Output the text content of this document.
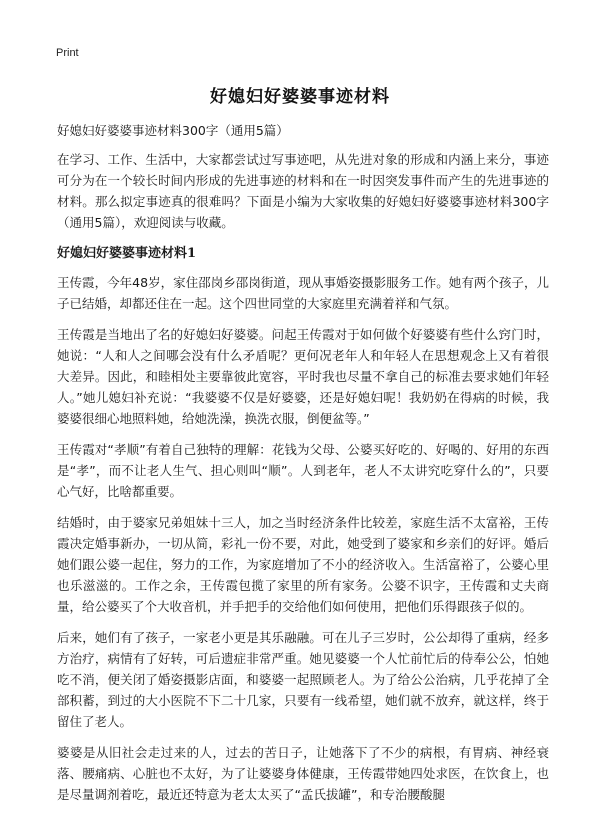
Print
好媳妇好婆婆事迹材料

好媳妇好婆婆事迹材料300字（通用5篇）

在学习、工作、生活中，大家都尝试过写事迹吧，从先进对象的形成和内涵上来分，事迹可分为在一个较长时间内形成的先进事迹的材料和在一时因突发事件而产生的先进事迹的材料。那么拟定事迹真的很难吗？下面是小编为大家收集的好媳妇好婆婆事迹材料300字（通用5篇），欢迎阅读与收藏。

好媳妇好婆婆事迹材料1

王传霞，今年48岁，家住邵岗乡邵岗街道，现从事婚姿摄影服务工作。她有两个孩子，儿子已结婚，却都还住在一起。这个四世同堂的大家庭里充满着祥和气氛。

王传霞是当地出了名的好媳妇好婆婆。问起王传霞对于如何做个好婆婆有些什么窍门时，她说：“人和人之间哪会没有什么矛盾呢？更何况老年人和年轻人在思想观念上又有着很大差异。因此，和睦相处主要靠彼此宽容，平时我也尽量不拿自己的标准去要求她们年轻人。”她儿媳妇补充说：“我婆婆不仅是好婆婆，还是好媳妇呢！我奶奶在得病的时候，我婆婆很细心地照料她，给她洗澡，换洗衣服，倒便盆等。”

王传霞对“孝顺”有着自己独特的理解：花钱为父母、公婆买好吃的、好喝的、好用的东西是“孝”，而不让老人生气、担心则叫“顺”。人到老年，老人不太讲究吃穿什么的”，只要心气好，比啥都重要。

结婚时，由于婆家兄弟姐妹十三人，加之当时经济条件比较差，家庭生活不太富裕，王传霞决定婚事新办，一切从简，彩礼一份不要，对此，她受到了婆家和乡亲们的好评。婚后她们跟公婆一起住，努力的工作，为家庭增加了不小的经济收入。生活富裕了，公婆心里也乐滋滋的。工作之余，王传霞包揽了家里的所有家务。公婆不识字，王传霞和丈夫商量，给公婆买了个大收音机，并手把手的交给他们如何使用，把他们乐得跟孩子似的。

后来，她们有了孩子，一家老小更是其乐融融。可在儿子三岁时，公公却得了重病，经多方治疗，病情有了好转，可后遗症非常严重。她见婆婆一个人忙前忙后的侍奉公公，怕她吃不消，便关闭了婚姿摄影店面，和婆婆一起照顾老人。为了给公公治病，几乎花掉了全部积蓄，到过的大小医院不下二十几家，只要有一线希望，她们就不放弃，就这样，终于留住了老人。

婆婆是从旧社会走过来的人，过去的苦日子，让她落下了不少的病根，有胃病、神经衰落、腰痛病、心脏也不太好，为了让婆婆身体健康，王传霞带她四处求医，在饮食上，也是尽量调剂着吃，最近还特意为老太太买了“孟氏拔罐”，和专治腰酸腿
